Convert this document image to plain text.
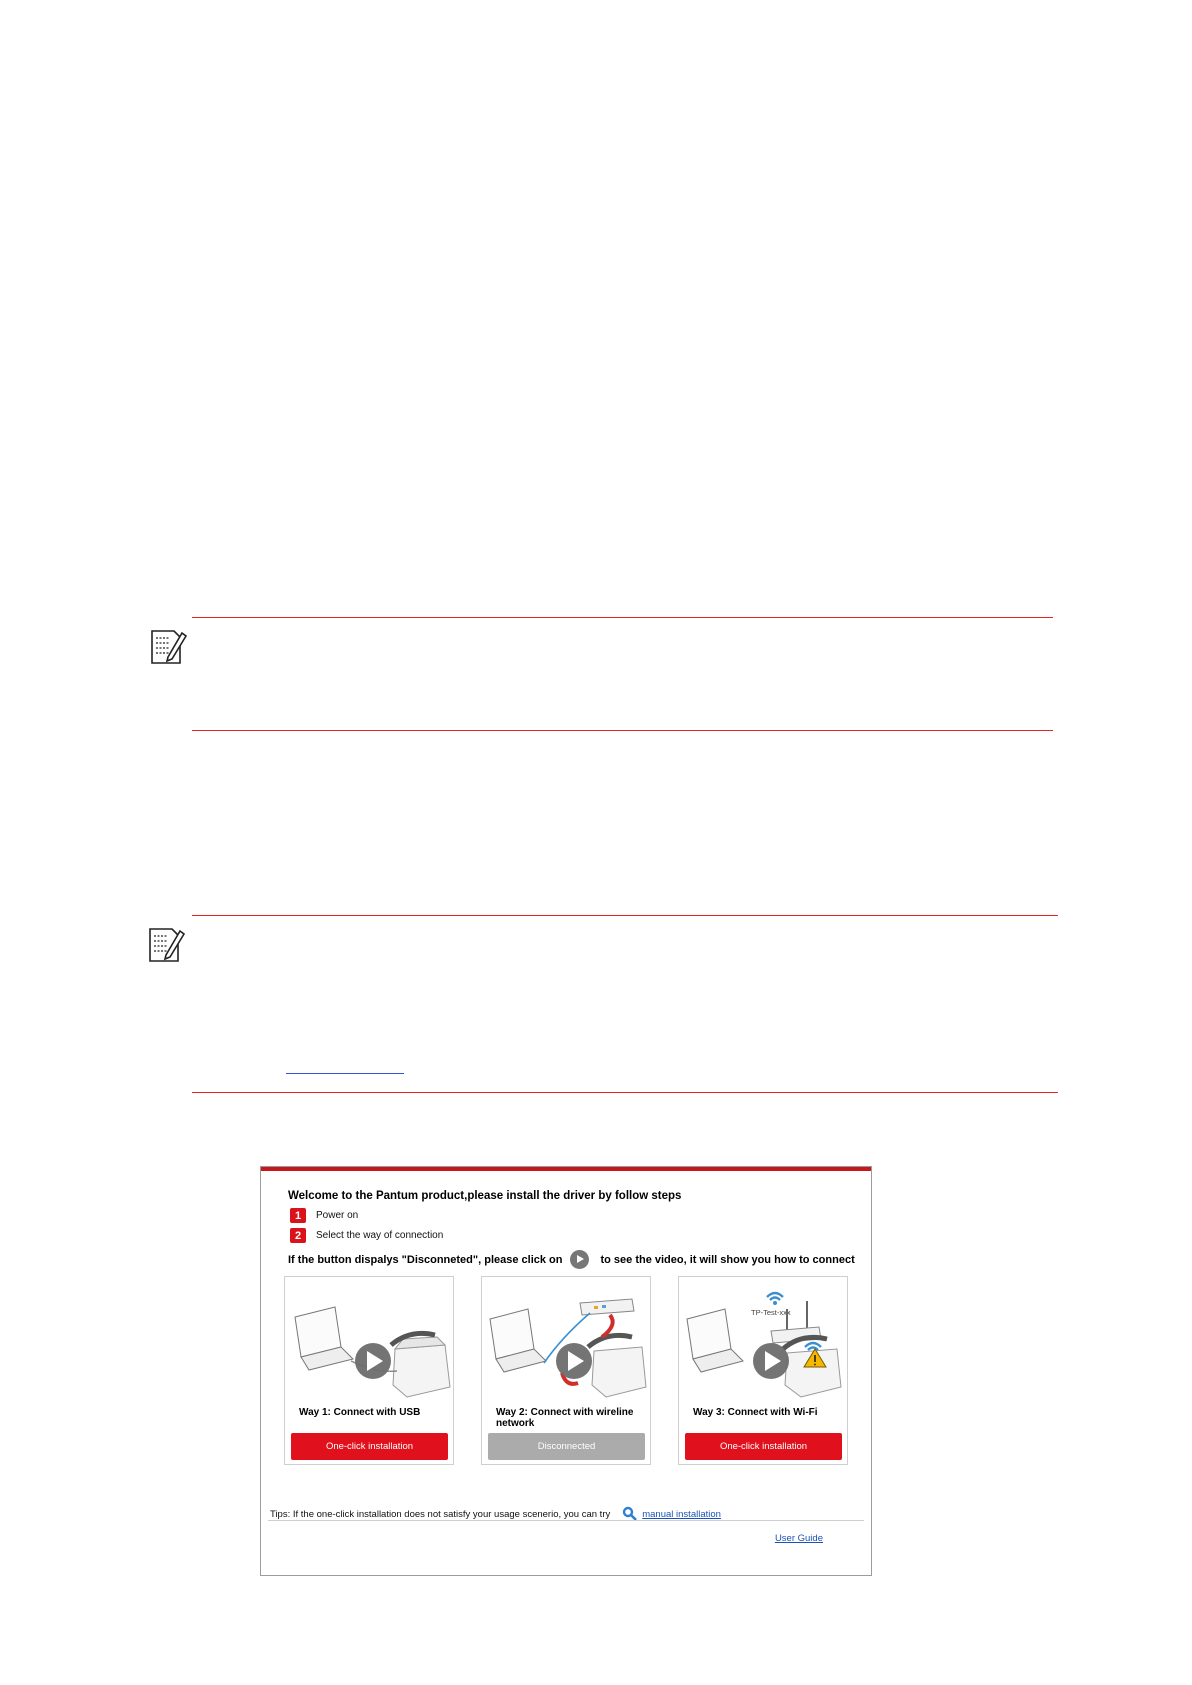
Welcome to the Pantum product,please install the driver by follow steps
1	Power on
2	Select the way of connection
If the button dispalys "Disconneted", please click on	to see the video, it will show you how to connect
Way 1: Connect with USB
One-click installation
Way 2: Connect with wireline network
Disconnected
TP-Test-xxx
Way 3: Connect with Wi-Fi
One-click installation
Tips: If the one-click installation does not satisfy your usage scenerio, you can try	manual installation
User Guide
